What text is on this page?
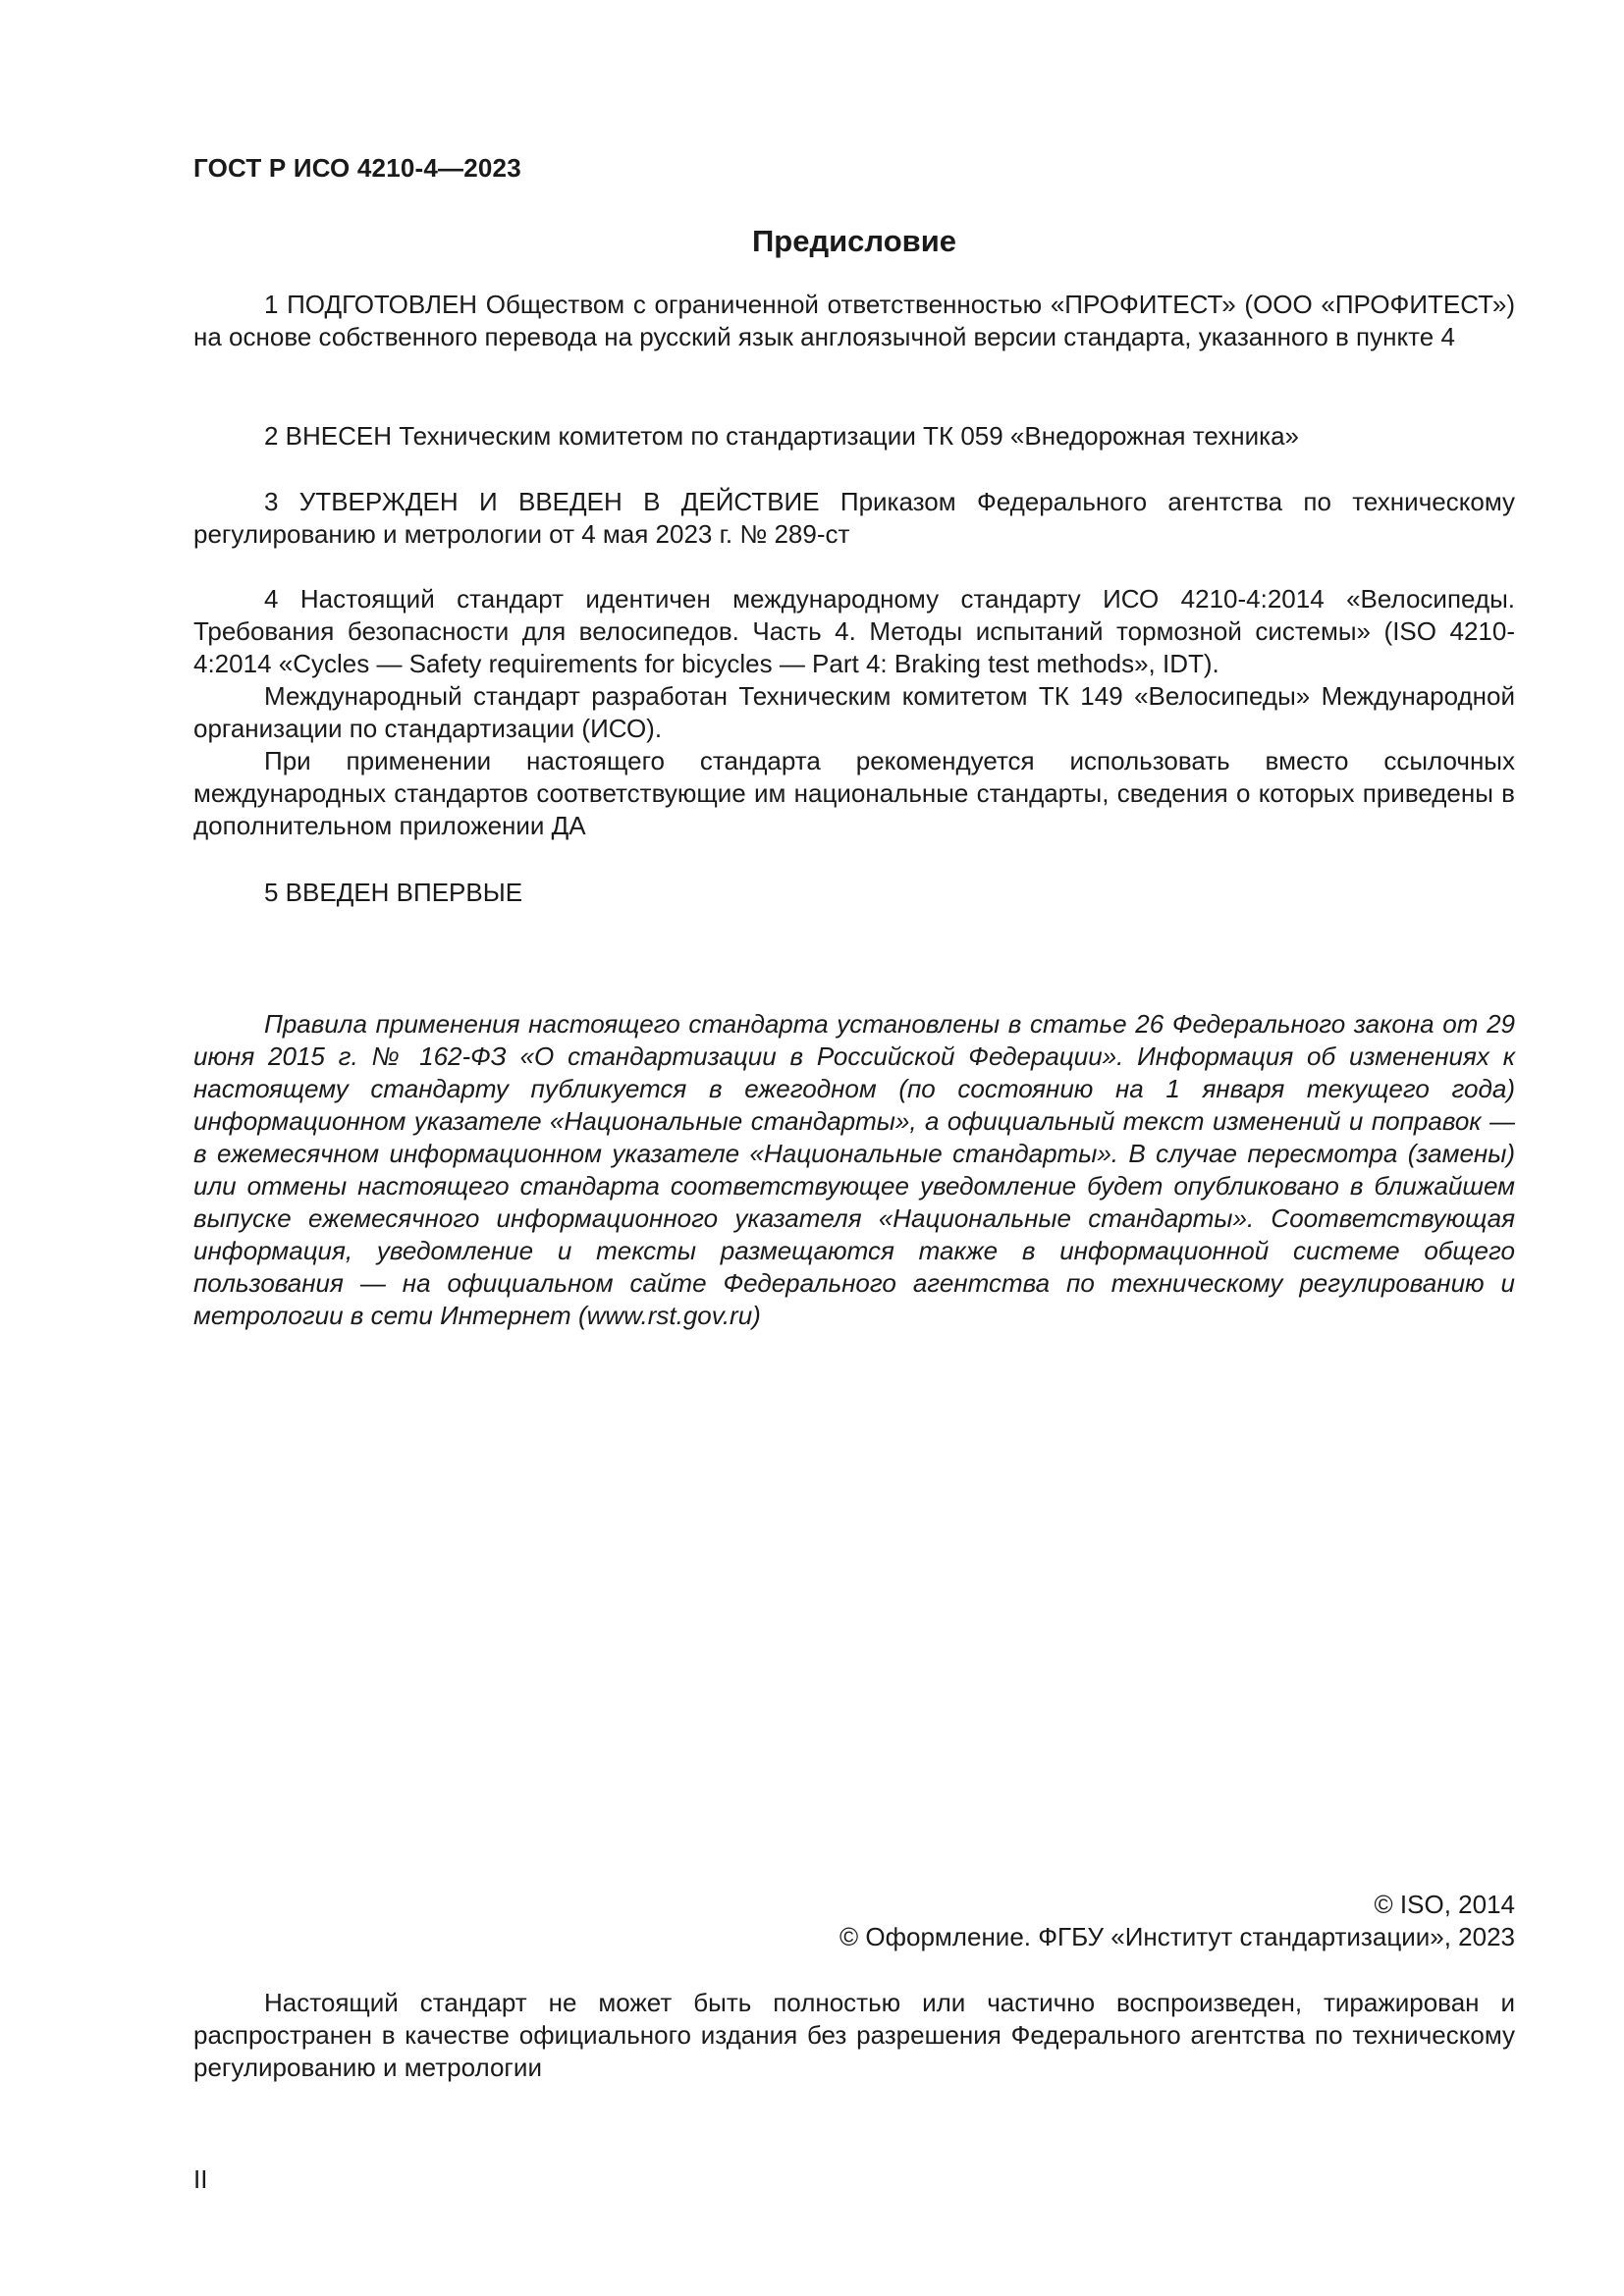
ГОСТ Р ИСО 4210-4—2023
Предисловие

1 ПОДГОТОВЛЕН Обществом с ограниченной ответственностью «ПРОФИТЕСТ» (ООО «ПРОФИТЕСТ») на основе собственного перевода на русский язык англоязычной версии стандарта, указанного в пункте 4

2 ВНЕСЕН Техническим комитетом по стандартизации ТК 059 «Внедорожная техника»

3 УТВЕРЖДЕН И ВВЕДЕН В ДЕЙСТВИЕ Приказом Федерального агентства по техническому регулированию и метрологии от 4 мая 2023 г. № 289-ст

4 Настоящий стандарт идентичен международному стандарту ИСО 4210-4:2014 «Велосипеды. Требования безопасности для велосипедов. Часть 4. Методы испытаний тормозной системы» (ISO 4210-4:2014 «Cycles — Safety requirements for bicycles — Part 4: Braking test methods», IDT).

Международный стандарт разработан Техническим комитетом ТК 149 «Велосипеды» Международной организации по стандартизации (ИСО).

При применении настоящего стандарта рекомендуется использовать вместо ссылочных международных стандартов соответствующие им национальные стандарты, сведения о которых приведены в дополнительном приложении ДА

5 ВВЕДЕН ВПЕРВЫЕ

Правила применения настоящего стандарта установлены в статье 26 Федерального закона от 29 июня 2015 г. № 162-ФЗ «О стандартизации в Российской Федерации». Информация об изменениях к настоящему стандарту публикуется в ежегодном (по состоянию на 1 января текущего года) информационном указателе «Национальные стандарты», а официальный текст изменений и поправок — в ежемесячном информационном указателе «Национальные стандарты». В случае пересмотра (замены) или отмены настоящего стандарта соответствующее уведомление будет опубликовано в ближайшем выпуске ежемесячного информационного указателя «Национальные стандарты». Соответствующая информация, уведомление и тексты размещаются также в информационной системе общего пользования — на официальном сайте Федерального агентства по техническому регулированию и метрологии в сети Интернет (www.rst.gov.ru)

© ISO, 2014
© Оформление. ФГБУ «Институт стандартизации», 2023

Настоящий стандарт не может быть полностью или частично воспроизведен, тиражирован и распространен в качестве официального издания без разрешения Федерального агентства по техническому регулированию и метрологии

II
